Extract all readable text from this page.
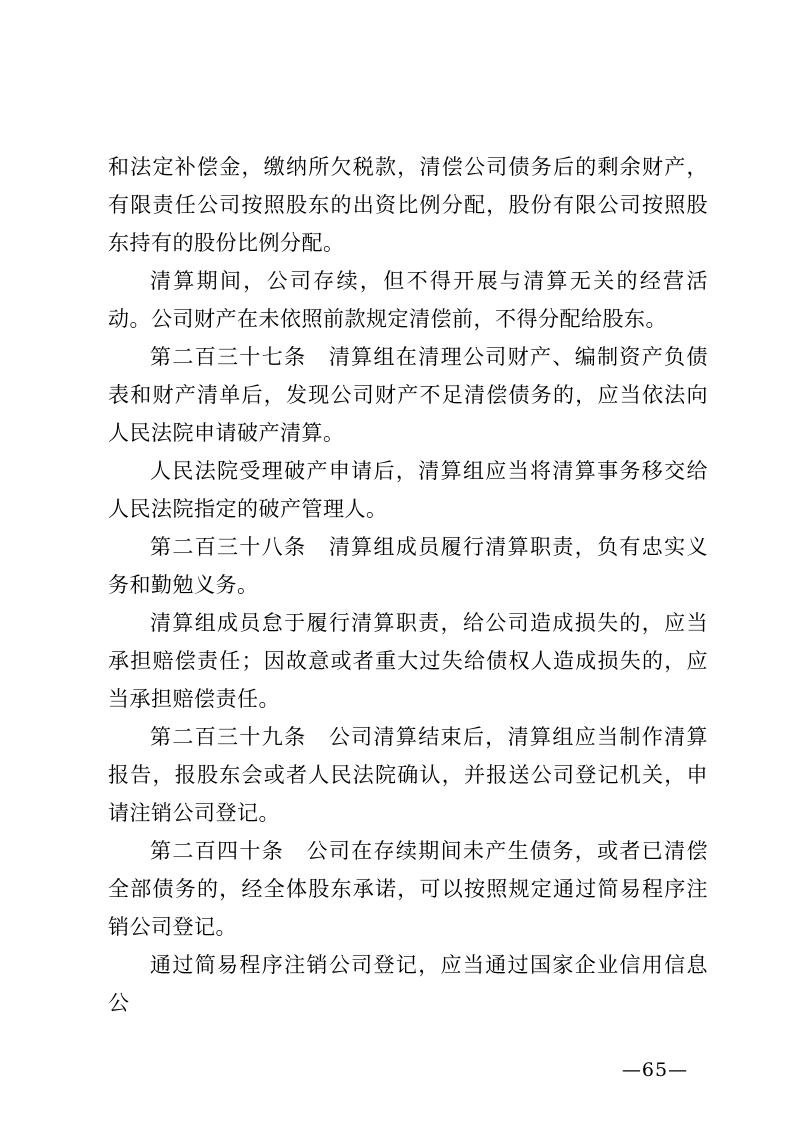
和法定补偿金，缴纳所欠税款，清偿公司债务后的剩余财产，有限责任公司按照股东的出资比例分配，股份有限公司按照股东持有的股份比例分配。

清算期间，公司存续，但不得开展与清算无关的经营活动。公司财产在未依照前款规定清偿前，不得分配给股东。

第二百三十七条　清算组在清理公司财产、编制资产负债表和财产清单后，发现公司财产不足清偿债务的，应当依法向人民法院申请破产清算。

人民法院受理破产申请后，清算组应当将清算事务移交给人民法院指定的破产管理人。

第二百三十八条　清算组成员履行清算职责，负有忠实义务和勤勉义务。

清算组成员怠于履行清算职责，给公司造成损失的，应当承担赔偿责任；因故意或者重大过失给债权人造成损失的，应当承担赔偿责任。

第二百三十九条　公司清算结束后，清算组应当制作清算报告，报股东会或者人民法院确认，并报送公司登记机关，申请注销公司登记。

第二百四十条　公司在存续期间未产生债务，或者已清偿全部债务的，经全体股东承诺，可以按照规定通过简易程序注销公司登记。

通过简易程序注销公司登记，应当通过国家企业信用信息公

—65—
